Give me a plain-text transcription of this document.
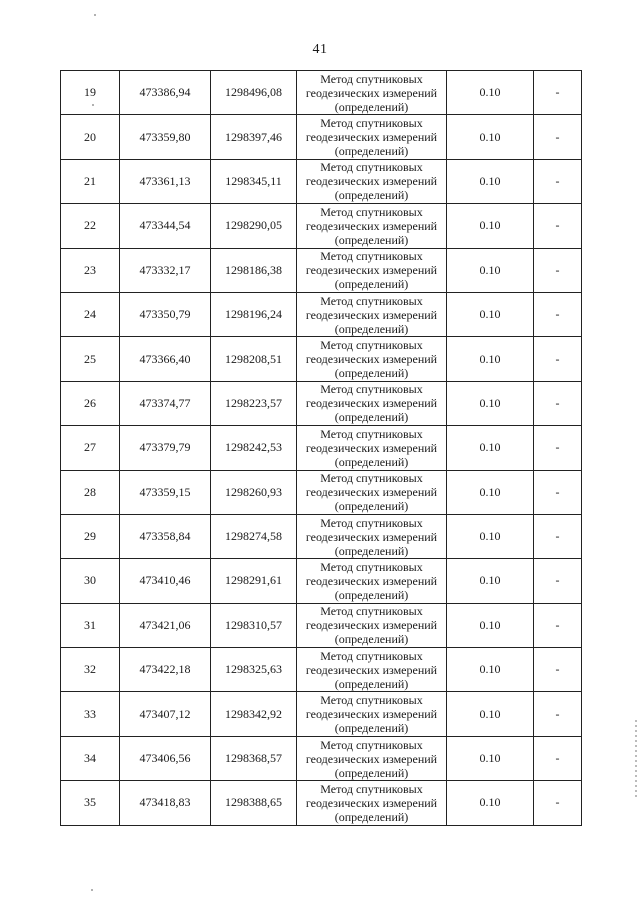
41
19	473386,94	1298496,08	Метод спутниковых
геодезических измерений
(определений)	0.10	-
20	473359,80	1298397,46	Метод спутниковых
геодезических измерений
(определений)	0.10	-
21	473361,13	1298345,11	Метод спутниковых
геодезических измерений
(определений)	0.10	-
22	473344,54	1298290,05	Метод спутниковых
геодезических измерений
(определений)	0.10	-
23	473332,17	1298186,38	Метод спутниковых
геодезических измерений
(определений)	0.10	-
24	473350,79	1298196,24	Метод спутниковых
геодезических измерений
(определений)	0.10	-
25	473366,40	1298208,51	Метод спутниковых
геодезических измерений
(определений)	0.10	-
26	473374,77	1298223,57	Метод спутниковых
геодезических измерений
(определений)	0.10	-
27	473379,79	1298242,53	Метод спутниковых
геодезических измерений
(определений)	0.10	-
28	473359,15	1298260,93	Метод спутниковых
геодезических измерений
(определений)	0.10	-
29	473358,84	1298274,58	Метод спутниковых
геодезических измерений
(определений)	0.10	-
30	473410,46	1298291,61	Метод спутниковых
геодезических измерений
(определений)	0.10	-
31	473421,06	1298310,57	Метод спутниковых
геодезических измерений
(определений)	0.10	-
32	473422,18	1298325,63	Метод спутниковых
геодезических измерений
(определений)	0.10	-
33	473407,12	1298342,92	Метод спутниковых
геодезических измерений
(определений)	0.10	-
34	473406,56	1298368,57	Метод спутниковых
геодезических измерений
(определений)	0.10	-
35	473418,83	1298388,65	Метод спутниковых
геодезических измерений
(определений)	0.10	-
